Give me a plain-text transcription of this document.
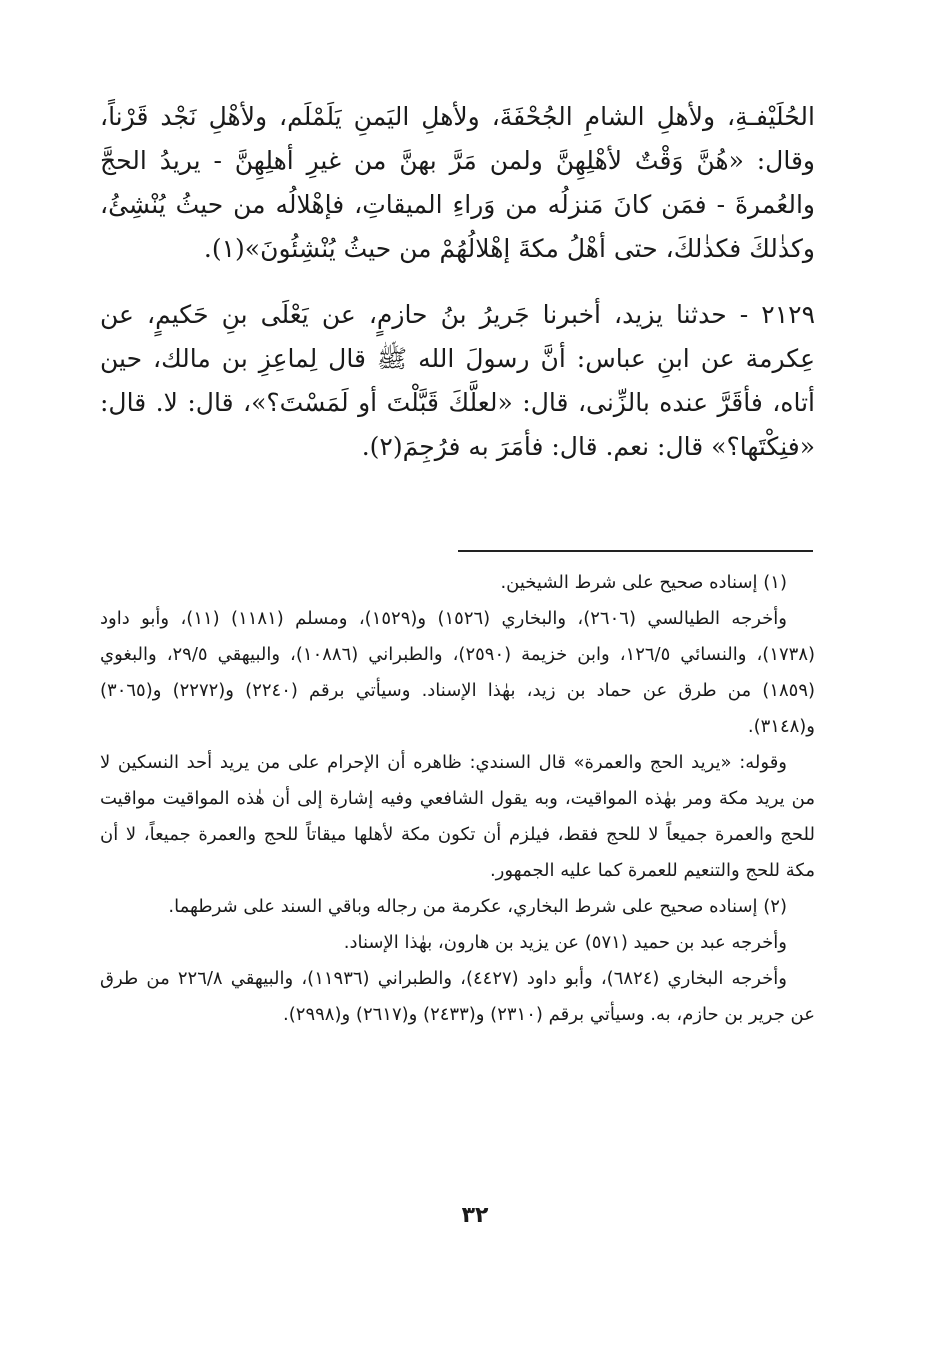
الحُلَيْفـةِ، ولأهلِ الشامِ الجُحْفَةَ، ولأهلِ اليَمنِ يَلَمْلَم، ولأهْلِ نَجْد قَرْناً، وقال: «هُنَّ وَقْتٌ لأهْلِهِنَّ ولمن مَرَّ بهنَّ من غيرِ أهلِهِنَّ - يريدُ الحجَّ والعُمرةَ - فمَن كانَ مَنزلُه من وَراءِ الميقاتِ، فإهْلالُه من حيثُ يُنْشِئُ، وكذٰلكَ فكذٰلكَ، حتى أهْلُ مكةَ إهْلالُهُمْ من حيثُ يُنْشِئُونَ»(١).

٢١٢٩ - حدثنا يزيد، أخبرنا جَريرُ بنُ حازمٍ، عن يَعْلَى بنِ حَكيمٍ، عن عِكرمة عن ابنِ عباس: أنَّ رسولَ الله ﷺ قال لِماعِزِ بن مالك، حين أتاه، فأقَرَّ عنده بالزِّنى، قال: «لعلَّكَ قَبَّلْتَ أو لَمَسْتَ؟»، قال: لا. قال: «فنِكْتَها؟» قال: نعم. قال: فأمَرَ به فرُجِمَ(٢).

(١) إسناده صحيح على شرط الشيخين.

وأخرجه الطيالسي (٢٦٠٦)، والبخاري (١٥٢٦) و(١٥٢٩)، ومسلم (١١٨١) (١١)، وأبو داود (١٧٣٨)، والنسائي ١٢٦/٥، وابن خزيمة (٢٥٩٠)، والطبراني (١٠٨٨٦)، والبيهقي ٢٩/٥، والبغوي (١٨٥٩) من طرق عن حماد بن زيد، بهٰذا الإسناد. وسيأتي برقم (٢٢٤٠) و(٢٢٧٢) و(٣٠٦٥) و(٣١٤٨).

وقوله: «يريد الحج والعمرة» قال السندي: ظاهره أن الإحرام على من يريد أحد النسكين لا من يريد مكة ومر بهٰذه المواقيت، وبه يقول الشافعي وفيه إشارة إلى أن هٰذه المواقيت مواقيت للحج والعمرة جميعاً لا للحج فقط، فيلزم أن تكون مكة لأهلها ميقاتاً للحج والعمرة جميعاً، لا أن مكة للحج والتنعيم للعمرة كما عليه الجمهور.

(٢) إسناده صحيح على شرط البخاري، عكرمة من رجاله وباقي السند على شرطهما.

وأخرجه عبد بن حميد (٥٧١) عن يزيد بن هارون، بهٰذا الإسناد.

وأخرجه البخاري (٦٨٢٤)، وأبو داود (٤٤٢٧)، والطبراني (١١٩٣٦)، والبيهقي ٢٢٦/٨ من طرق عن جرير بن حازم، به. وسيأتي برقم (٢٣١٠) و(٢٤٣٣) و(٢٦١٧) و(٢٩٩٨).

٣٢
